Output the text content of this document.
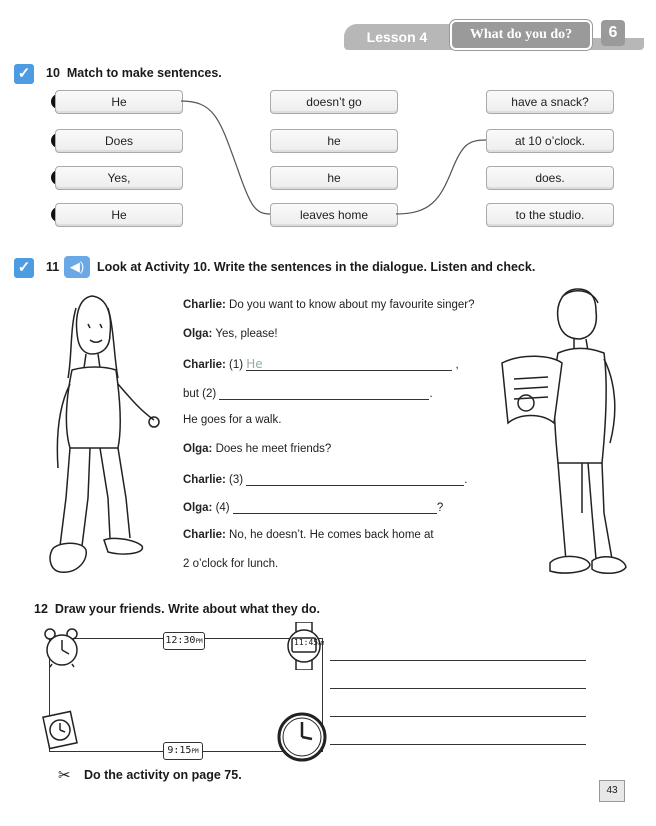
Lesson 4	What do you do?	6
✓ 10 Match to make sentences.
He
Does
Yes,
He
doesn’t go
he
he
leaves home
have a snack?
at 10 o’clock.
does.
to the studio.
✓ 11 ◀)	Look at Activity 10. Write the sentences in the dialogue. Listen and check.
Charlie: Do you want to know about my favourite singer?
Olga: Yes, please!
Charlie: (1) He	,
but (2)	.
He goes for a walk.
Olga: Does he meet friends?
Charlie: (3)	.
Olga: (4)	?
Charlie: No, he doesn’t. He comes back home at
2 o’clock for lunch.
12 Draw your friends. Write about what they do.
12:30PM	11:45AM
9:15PM
✂ Do the activity on page 75.
43
